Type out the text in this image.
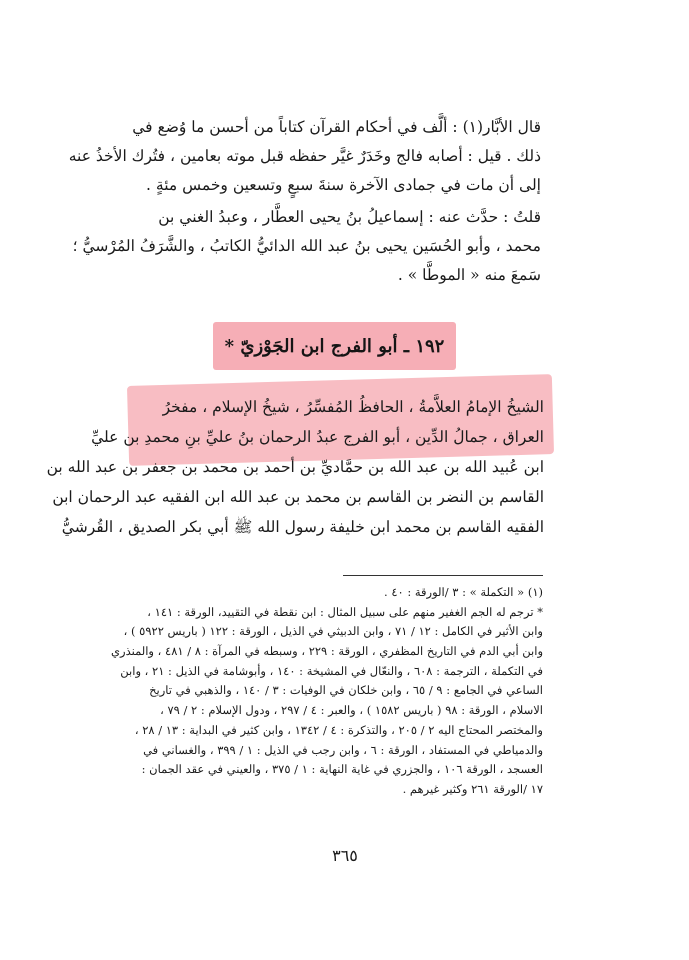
قال الأبَّار(١) : ألَّف في أحكام القرآن كتاباً من أحسن ما وُضع في
ذلك . قيل : أصابه فالج وخَدَرٌ غيَّر حفظه قبل موته بعامين ، فتُرك الأخذُ عنه
إلى أن مات في جمادى الآخرة سنةَ سبعٍ وتسعين وخمس مئةٍ .
قلتُ : حدَّث عنه : إسماعيلُ بنُ يحيى العطَّار ، وعبدُ الغني بن
محمد ، وأبو الحُسَين يحيى بنُ عبد الله الدائيُّ الكاتبُ ، والشَّرَفُ المُرْسيُّ ؛
سَمعَ منه « الموطَّا » .
١٩٢ ـ أبو الفرج ابن الجَوْزيّ *
الشيخُ الإمامُ العلاَّمةُ ، الحافظُ المُفسِّرُ ، شيخُ الإسلام ، مفخرُ
العراق ، جمالُ الدِّين ، أبو الفرج عبدُ الرحمان بنُ عليِّ بنِ محمدِ بن عليِّ
ابن عُبيد الله بن عبد الله بن حمَّاديِّ بن أحمد بن محمد بن جعفر بن عبد الله بن
القاسم بن النضر بن القاسم بن محمد بن عبد الله ابن الفقيه عبد الرحمان ابن
الفقيه القاسم بن محمد ابن خليفة رسول الله ﷺ أبي بكر الصديق ، القُرشيُّ
(١) « التكملة » : ٣ /الورقة : ٤٠ .
* ترجم له الجم الغفير منهم على سبيل المثال : ابن نقطة في التقييد، الورقة : ١٤١ ،
وابن الأثير في الكامل : ١٢ / ٧١ ، وابن الدبيثي في الذيل ، الورقة : ١٢٢ ( باريس ٥٩٢٢ ) ،
وابن أبي الدم في التاريخ المظفري ، الورقة : ٢٢٩ ، وسبطه في المرآة : ٨ / ٤٨١ ، والمنذري
في التكملة ، الترجمة : ٦٠٨ ، والنعّال في المشيخة : ١٤٠ ، وأبوشامة في الذيل : ٢١ ، وابن
الساعي في الجامع : ٩ / ٦٥ ، وابن خلكان في الوفيات : ٣ / ١٤٠ ، والذهبي في تاريخ
الاسلام ، الورقة : ٩٨ ( باريس ١٥٨٢ ) ، والعبر : ٤ / ٢٩٧ ، ودول الإسلام : ٢ / ٧٩ ،
والمختصر المحتاج اليه ٢ / ٢٠٥ ، والتذكرة : ٤ / ١٣٤٢ ، وابن كثير في البداية : ١٣ / ٢٨ ،
والدمياطي في المستفاد ، الورقة : ٦ ، وابن رجب في الذيل : ١ / ٣٩٩ ، والغساني في
العسجد ، الورقة ١٠٦ ، والجزري في غاية النهاية : ١ / ٣٧٥ ، والعيني في عقد الجمان :
١٧ /الورقة ٢٦١ وكثير غيرهم .
٣٦٥
